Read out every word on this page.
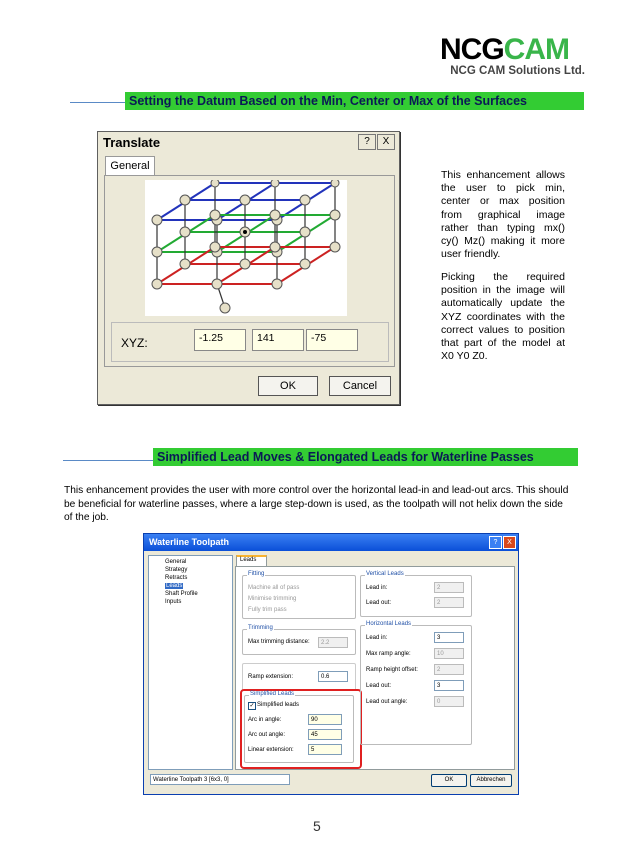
NCGCAM
NCG CAM Solutions Ltd.
Setting the Datum Based on the Min, Center or Max of the Surfaces
Translate	?	X
General
XYZ:	-1.25	141	-75
OK	Cancel
This enhancement allows the user to pick min, center or max position from graphical image rather than typing mx() cy() Mz() making it more user friendly.
Picking the required position in the image will automatically update the XYZ coordinates with the correct values to position that part of the model at X0 Y0 Z0.
Simplified Lead Moves & Elongated Leads for Waterline Passes
This enhancement provides the user with more control over the horizontal lead-in and lead-out arcs. This should be beneficial for waterline passes, where a large step-down is used, as the toolpath will not helix down the side of the job.
Waterline Toolpath	?	X
General
Strategy
Retracts
Leads
Shaft Profile
Inputs
Leads
Fitting
Machine all of pass
Minimise trimming
Fully trim pass
Trimming
Max trimming distance:	2.2
Ramp extension:	0.6
Simplified Leads
✓ Simplified leads
Arc in angle:	90
Arc out angle:	45
Linear extension:	5
Vertical Leads
Lead in:	2
Lead out:	2
Horizontal Leads
Lead in:	3
Max ramp angle:	10
Ramp height offset:	2
Lead out:	3
Lead out angle:	0
Waterline Toolpath 3 [6x3, 0]	OK	Abbrechen
5
